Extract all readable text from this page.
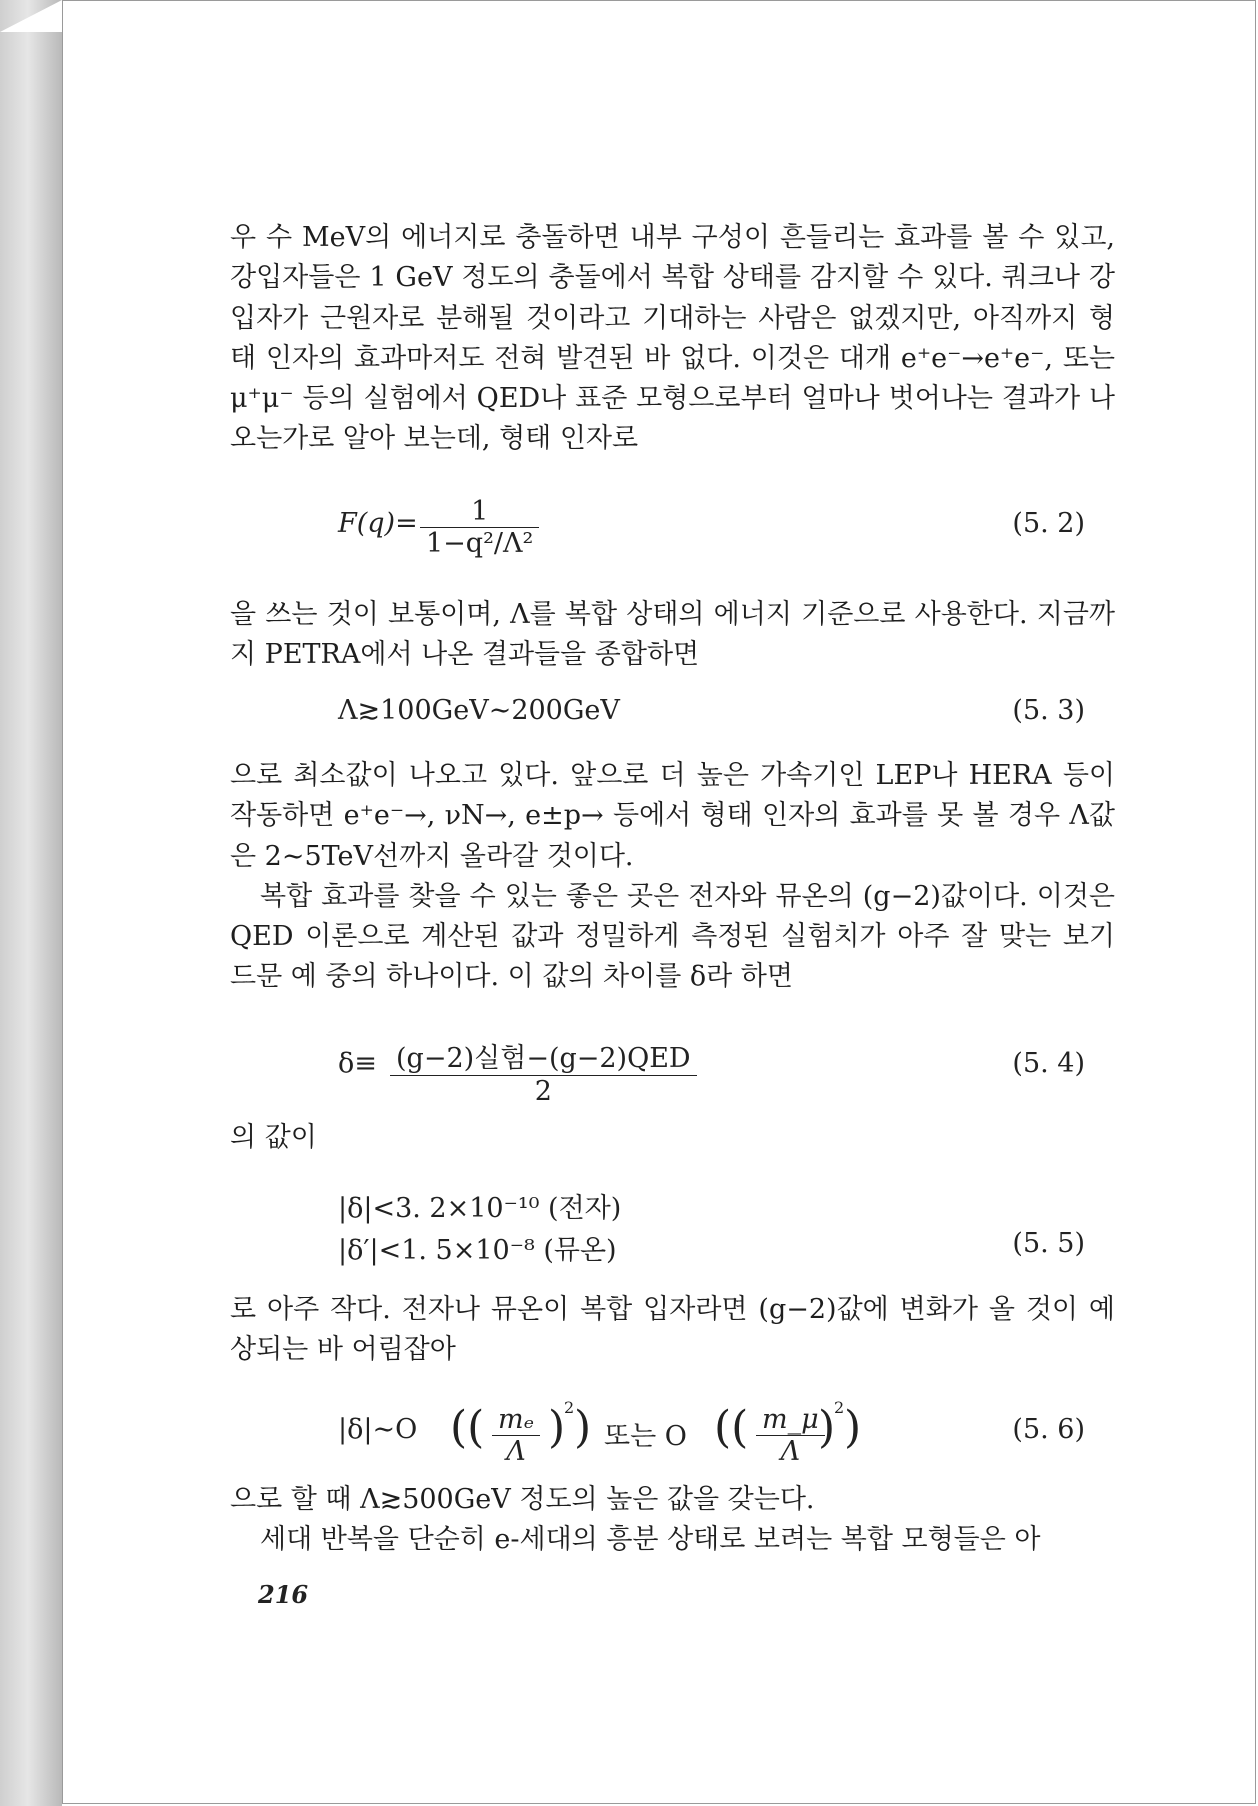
우 수 MeV의 에너지로 충돌하면 내부 구성이 흔들리는 효과를 볼 수 있고, 강입자들은 1 GeV 정도의 충돌에서 복합 상태를 감지할 수 있다. 쿼크나 강입자가 근원자로 분해될 것이라고 기대하는 사람은 없겠지만, 아직까지 형태 인자의 효과마저도 전혀 발견된 바 없다. 이것은 대개 e⁺e⁻→e⁺e⁻, 또는 μ⁺μ⁻ 등의 실험에서 QED나 표준 모형으로부터 얼마나 벗어나는 결과가 나오는가로 알아 보는데, 형태 인자로

$F(q)= \frac{1}{\text{1−q²/Λ²}}$	(5. 2)

을 쓰는 것이 보통이며, Λ를 복합 상태의 에너지 기준으로 사용한다. 지금까지 PETRA에서 나온 결과들을 종합하면

Λ≳100GeV∼200GeV	(5. 3)

으로 최소값이 나오고 있다. 앞으로 더 높은 가속기인 LEP나 HERA 등이 작동하면 e⁺e⁻→, νN→, e±p→ 등에서 형태 인자의 효과를 못 볼 경우 Λ값은 2∼5TeV선까지 올라갈 것이다.

복합 효과를 찾을 수 있는 좋은 곳은 전자와 뮤온의 (g−2)값이다. 이것은 QED 이론으로 계산된 값과 정밀하게 측정된 실험치가 아주 잘 맞는 보기 드문 예 중의 하나이다. 이 값의 차이를 δ라 하면

δ≡ (g−2)실험−(g−2)QED
2
(5. 4)

의 값이

|δ|<3. 2×10⁻¹⁰ (전자)
|δ′|<1. 5×10⁻⁸ (뮤온)	(5. 5)

로 아주 작다. 전자나 뮤온이 복합 입자라면 (g−2)값에 변화가 올 것이 예상되는 바 어림잡아

|δ|∼O (( $\frac{\text{mₑ}}{\Lambda}$ )
2 ) 또는 O (( $\frac{m\_\mu}{\Lambda}$
)
2 )	(5. 6)

으로 할 때 Λ≳500GeV 정도의 높은 값을 갖는다.

세대 반복을 단순히 e-세대의 흥분 상태로 보려는 복합 모형들은 아

216
